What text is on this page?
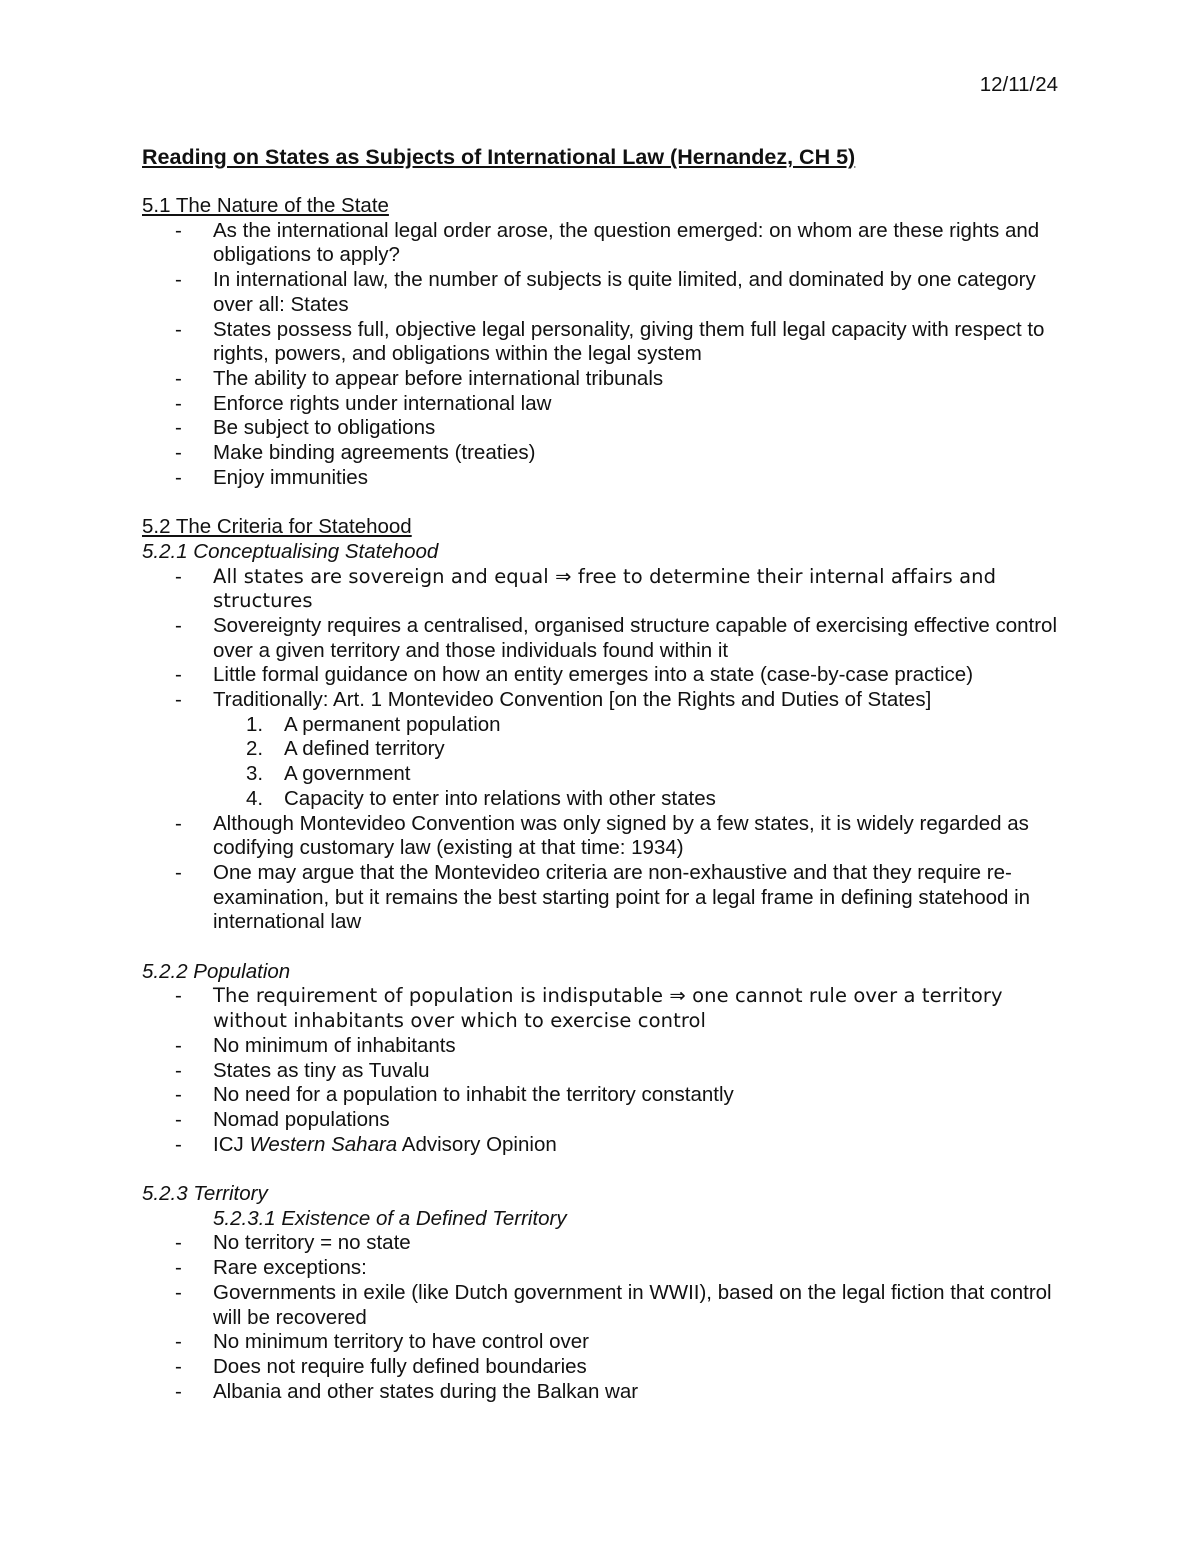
12/11/24
Reading on States as Subjects of International Law (Hernandez, CH 5)
5.1 The Nature of the State
- As the international legal order arose, the question emerged: on whom are these rights and obligations to apply?
- In international law, the number of subjects is quite limited, and dominated by one category over all: States
- States possess full, objective legal personality, giving them full legal capacity with respect to rights, powers, and obligations within the legal system
- The ability to appear before international tribunals
- Enforce rights under international law
- Be subject to obligations
- Make binding agreements (treaties)
- Enjoy immunities
5.2 The Criteria for Statehood
5.2.1 Conceptualising Statehood
- All states are sovereign and equal ⇒ free to determine their internal affairs and structures
- Sovereignty requires a centralised, organised structure capable of exercising effective control over a given territory and those individuals found within it
- Little formal guidance on how an entity emerges into a state (case-by-case practice)
- Traditionally: Art. 1 Montevideo Convention [on the Rights and Duties of States]
A permanent population
A defined territory
A government
Capacity to enter into relations with other states
- Although Montevideo Convention was only signed by a few states, it is widely regarded as codifying customary law (existing at that time: 1934)
- One may argue that the Montevideo criteria are non-exhaustive and that they require re-examination, but it remains the best starting point for a legal frame in defining statehood in international law
5.2.2 Population
- The requirement of population is indisputable ⇒ one cannot rule over a territory without inhabitants over which to exercise control
- No minimum of inhabitants
- States as tiny as Tuvalu
- No need for a population to inhabit the territory constantly
- Nomad populations
- ICJ Western Sahara Advisory Opinion
5.2.3 Territory
5.2.3.1 Existence of a Defined Territory
- No territory = no state
- Rare exceptions:
- Governments in exile (like Dutch government in WWII), based on the legal fiction that control will be recovered
- No minimum territory to have control over
- Does not require fully defined boundaries
- Albania and other states during the Balkan war
